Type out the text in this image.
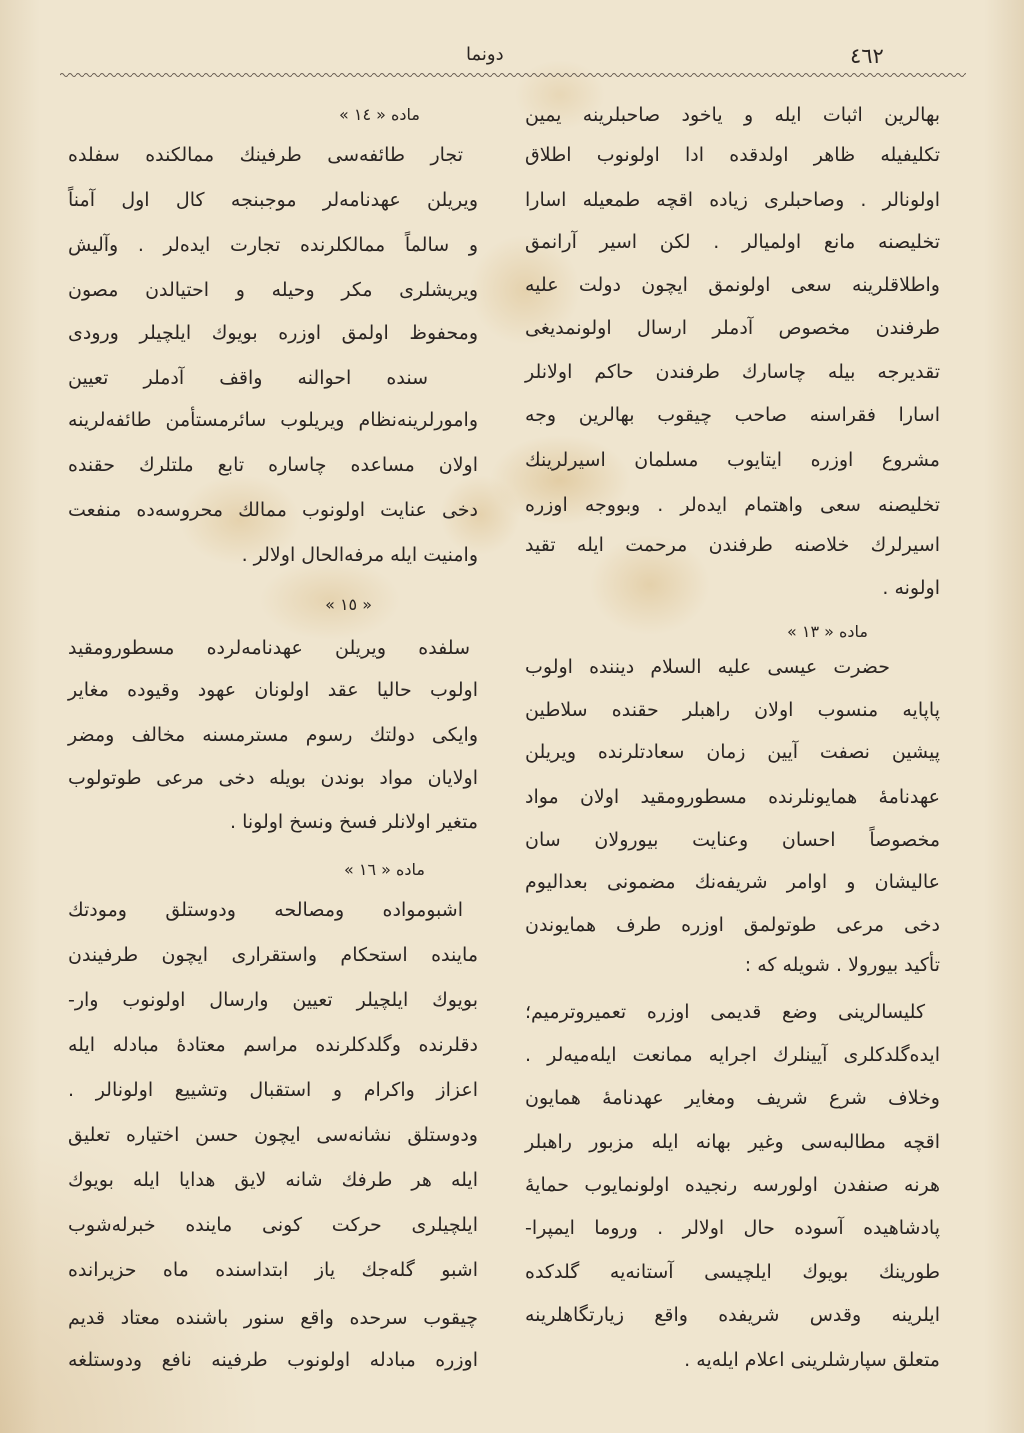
٤٦٢
دونما
بهالرین اثبات ایله و یاخود صاحبلرینه یمین
تکلیفیله ظاهر اولدقده ادا اولونوب اطلاق
اولونالر . وصاحبلری زیاده اقچه طمعیله اسارا
تخلیصنه مانع اولمیالر . لکن اسیر آرانمق
واطلاقلرینه سعی اولونمق ایچون دولت علیه
طرفندن مخصوص آدملر ارسال اولونمدیغی
تقدیرجه بیله چاسارك طرفندن حاکم اولانلر
اسارا فقراسنه صاحب چیقوب بهالرین وجه
مشروع اوزره ایتایوب مسلمان اسیرلرینك
تخلیصنه سعی واهتمام ایده‌لر . وبووجه اوزره
اسیرلرك خلاصنه طرفندن مرحمت ایله تقید
اولونه .
ماده « ١٣ »
حضرت عیسی علیه السلام دیننده اولوب
پاپایه منسوب اولان راهبلر حقنده سلاطین
پیشین نصفت آیین زمان سعادتلرنده ویریلن
عهدنامهٔ همایونلرنده مسطورومقید اولان مواد
مخصوصاً احسان وعنایت بیورولان سان
عالیشان و اوامر شریفه‌نك مضمونی بعدالیوم
دخی مرعی طوتولمق اوزره طرف همایوندن
تأکید بیورولا . شویله که :
کلیسالرینی وضع قدیمی اوزره تعمیروترمیم؛
ایده‌گلدکلری آیینلرك اجرایه ممانعت ایله‌میه‌لر .
وخلاف شرع شریف ومغایر عهدنامهٔ همایون
اقچه مطالبه‌سی وغیر بهانه ایله مزبور راهبلر
هرنه صنفدن اولورسه رنجیده اولونمایوب حمایهٔ
پادشاهیده آسوده حال اولالر . وروما ایمپرا-
طورینك بویوك ایلچیسی آستانه‌یه گلدکده
ایلرینه وقدس شریفده واقع زیارتگاهلرینه
متعلق سپارشلرینی اعلام ایله‌یه .
ماده « ١٤ »
تجار طائفه‌سی طرفینك ممالکنده سفلده
ویریلن عهدنامه‌لر موجبنجه کال اول آمناً
و سالماً ممالکلرنده تجارت ایده‌لر . وآلیش
ویریشلری مکر وحیله و احتیالدن مصون
ومحفوظ اولمق اوزره بویوك ایلچیلر ورودی
سنده احوالنه واقف آدملر تعیین
وامورلرینه‌نظام ویریلوب سائرمستأمن طائفه‌لرینه
اولان مساعده چاساره تابع ملتلرك حقنده
دخی عنایت اولونوب ممالك محروسه‌ده منفعت
وامنیت ایله مرفه‌الحال اولالر .
« ١٥ »
سلفده ویریلن عهدنامه‌لرده مسطورومقید
اولوب حالیا عقد اولونان عهود وقیوده مغایر
وایکی دولتك رسوم مسترمسنه مخالف ومضر
اولایان مواد بوندن بویله دخی مرعی طوتولوب
متغیر اولانلر فسخ ونسخ اولونا .
ماده « ١٦ »
اشبومواده ومصالحه ودوستلق ومودتك
ماینده استحکام واستقراری ایچون طرفیندن
بویوك ایلچیلر تعیین وارسال اولونوب وار-
دقلرنده وگلدکلرنده مراسم معتادهٔ مبادله ایله
اعزاز واکرام و استقبال وتشییع اولونالر .
ودوستلق نشانه‌سی ایچون حسن اختیاره تعلیق
ایله هر طرفك شانه لایق هدایا ایله بویوك
ایلچیلری حرکت کونی ماینده خبرله‌شوب
اشبو گله‌جك یاز ابتداسنده ماه حزیرانده
چیقوب سرحده واقع سنور باشنده معتاد قدیم
اوزره مبادله اولونوب طرفینه نافع ودوستلغه
